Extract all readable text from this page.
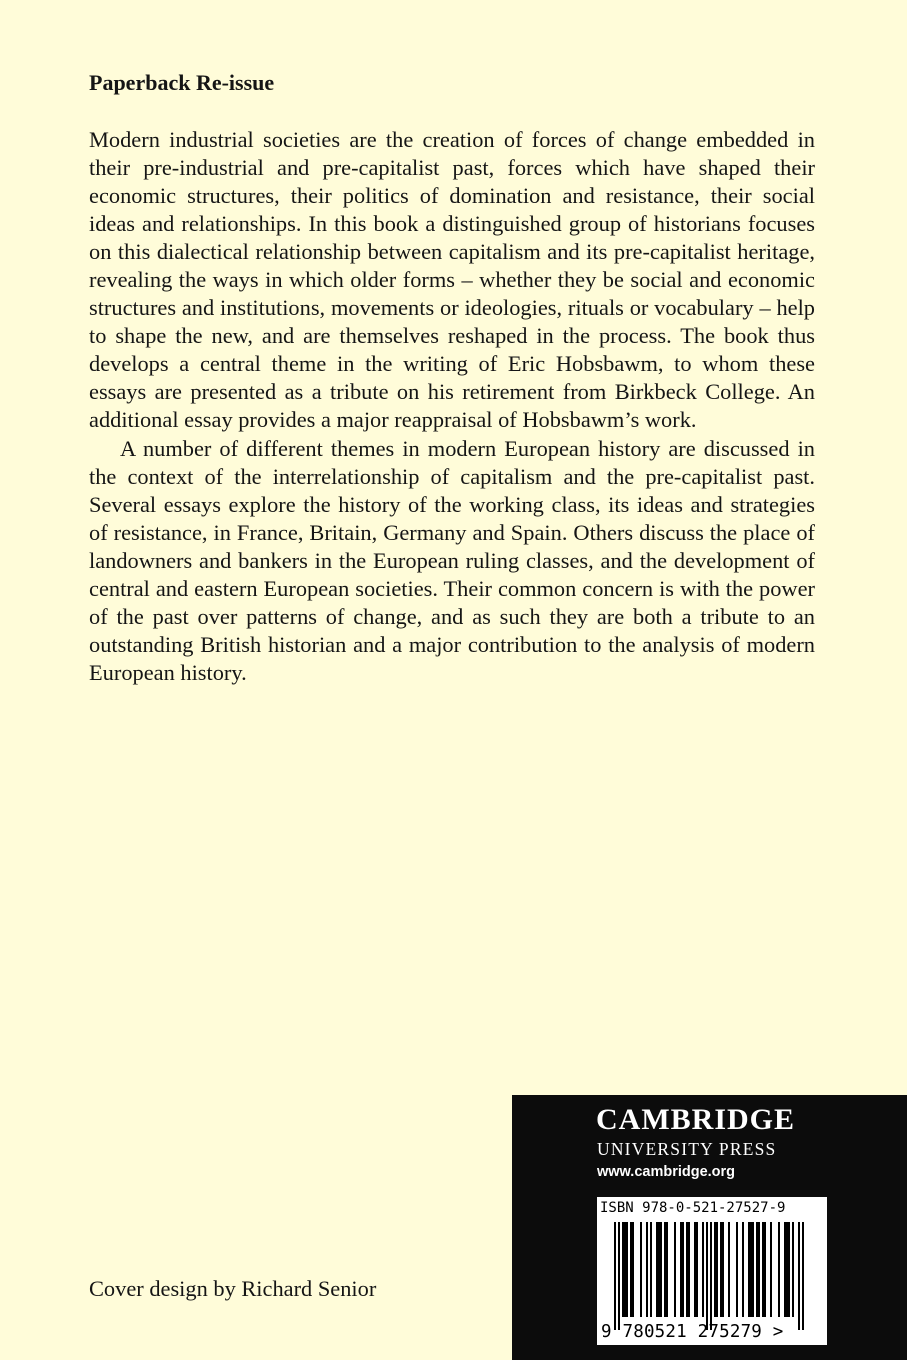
Paperback Re-issue

Modern industrial societies are the creation of forces of change embedded in their pre-industrial and pre-capitalist past, forces which have shaped their economic structures, their politics of domination and resistance, their social ideas and relationships. In this book a distinguished group of historians focuses on this dialectical relationship between capitalism and its pre-capitalist heritage, revealing the ways in which older forms – whether they be social and economic structures and institutions, movements or ideologies, rituals or vocabulary – help to shape the new, and are themselves reshaped in the process. The book thus develops a central theme in the writing of Eric Hobsbawm, to whom these essays are presented as a tribute on his retirement from Birkbeck College. An additional essay provides a major reappraisal of Hobsbawm’s work.

A number of different themes in modern European history are discussed in the context of the interrelationship of capitalism and the pre-capitalist past. Several essays explore the history of the working class, its ideas and strategies of resistance, in France, Britain, Germany and Spain. Others discuss the place of landowners and bankers in the European ruling classes, and the development of central and eastern European societies. Their common concern is with the power of the past over patterns of change, and as such they are both a tribute to an outstanding British historian and a major contribution to the analysis of modern European history.

Cover design by Richard Senior

CAMBRIDGE
UNIVERSITY PRESS
www.cambridge.org
ISBN 978-0-521-27527-9
9 780521 275279 >
